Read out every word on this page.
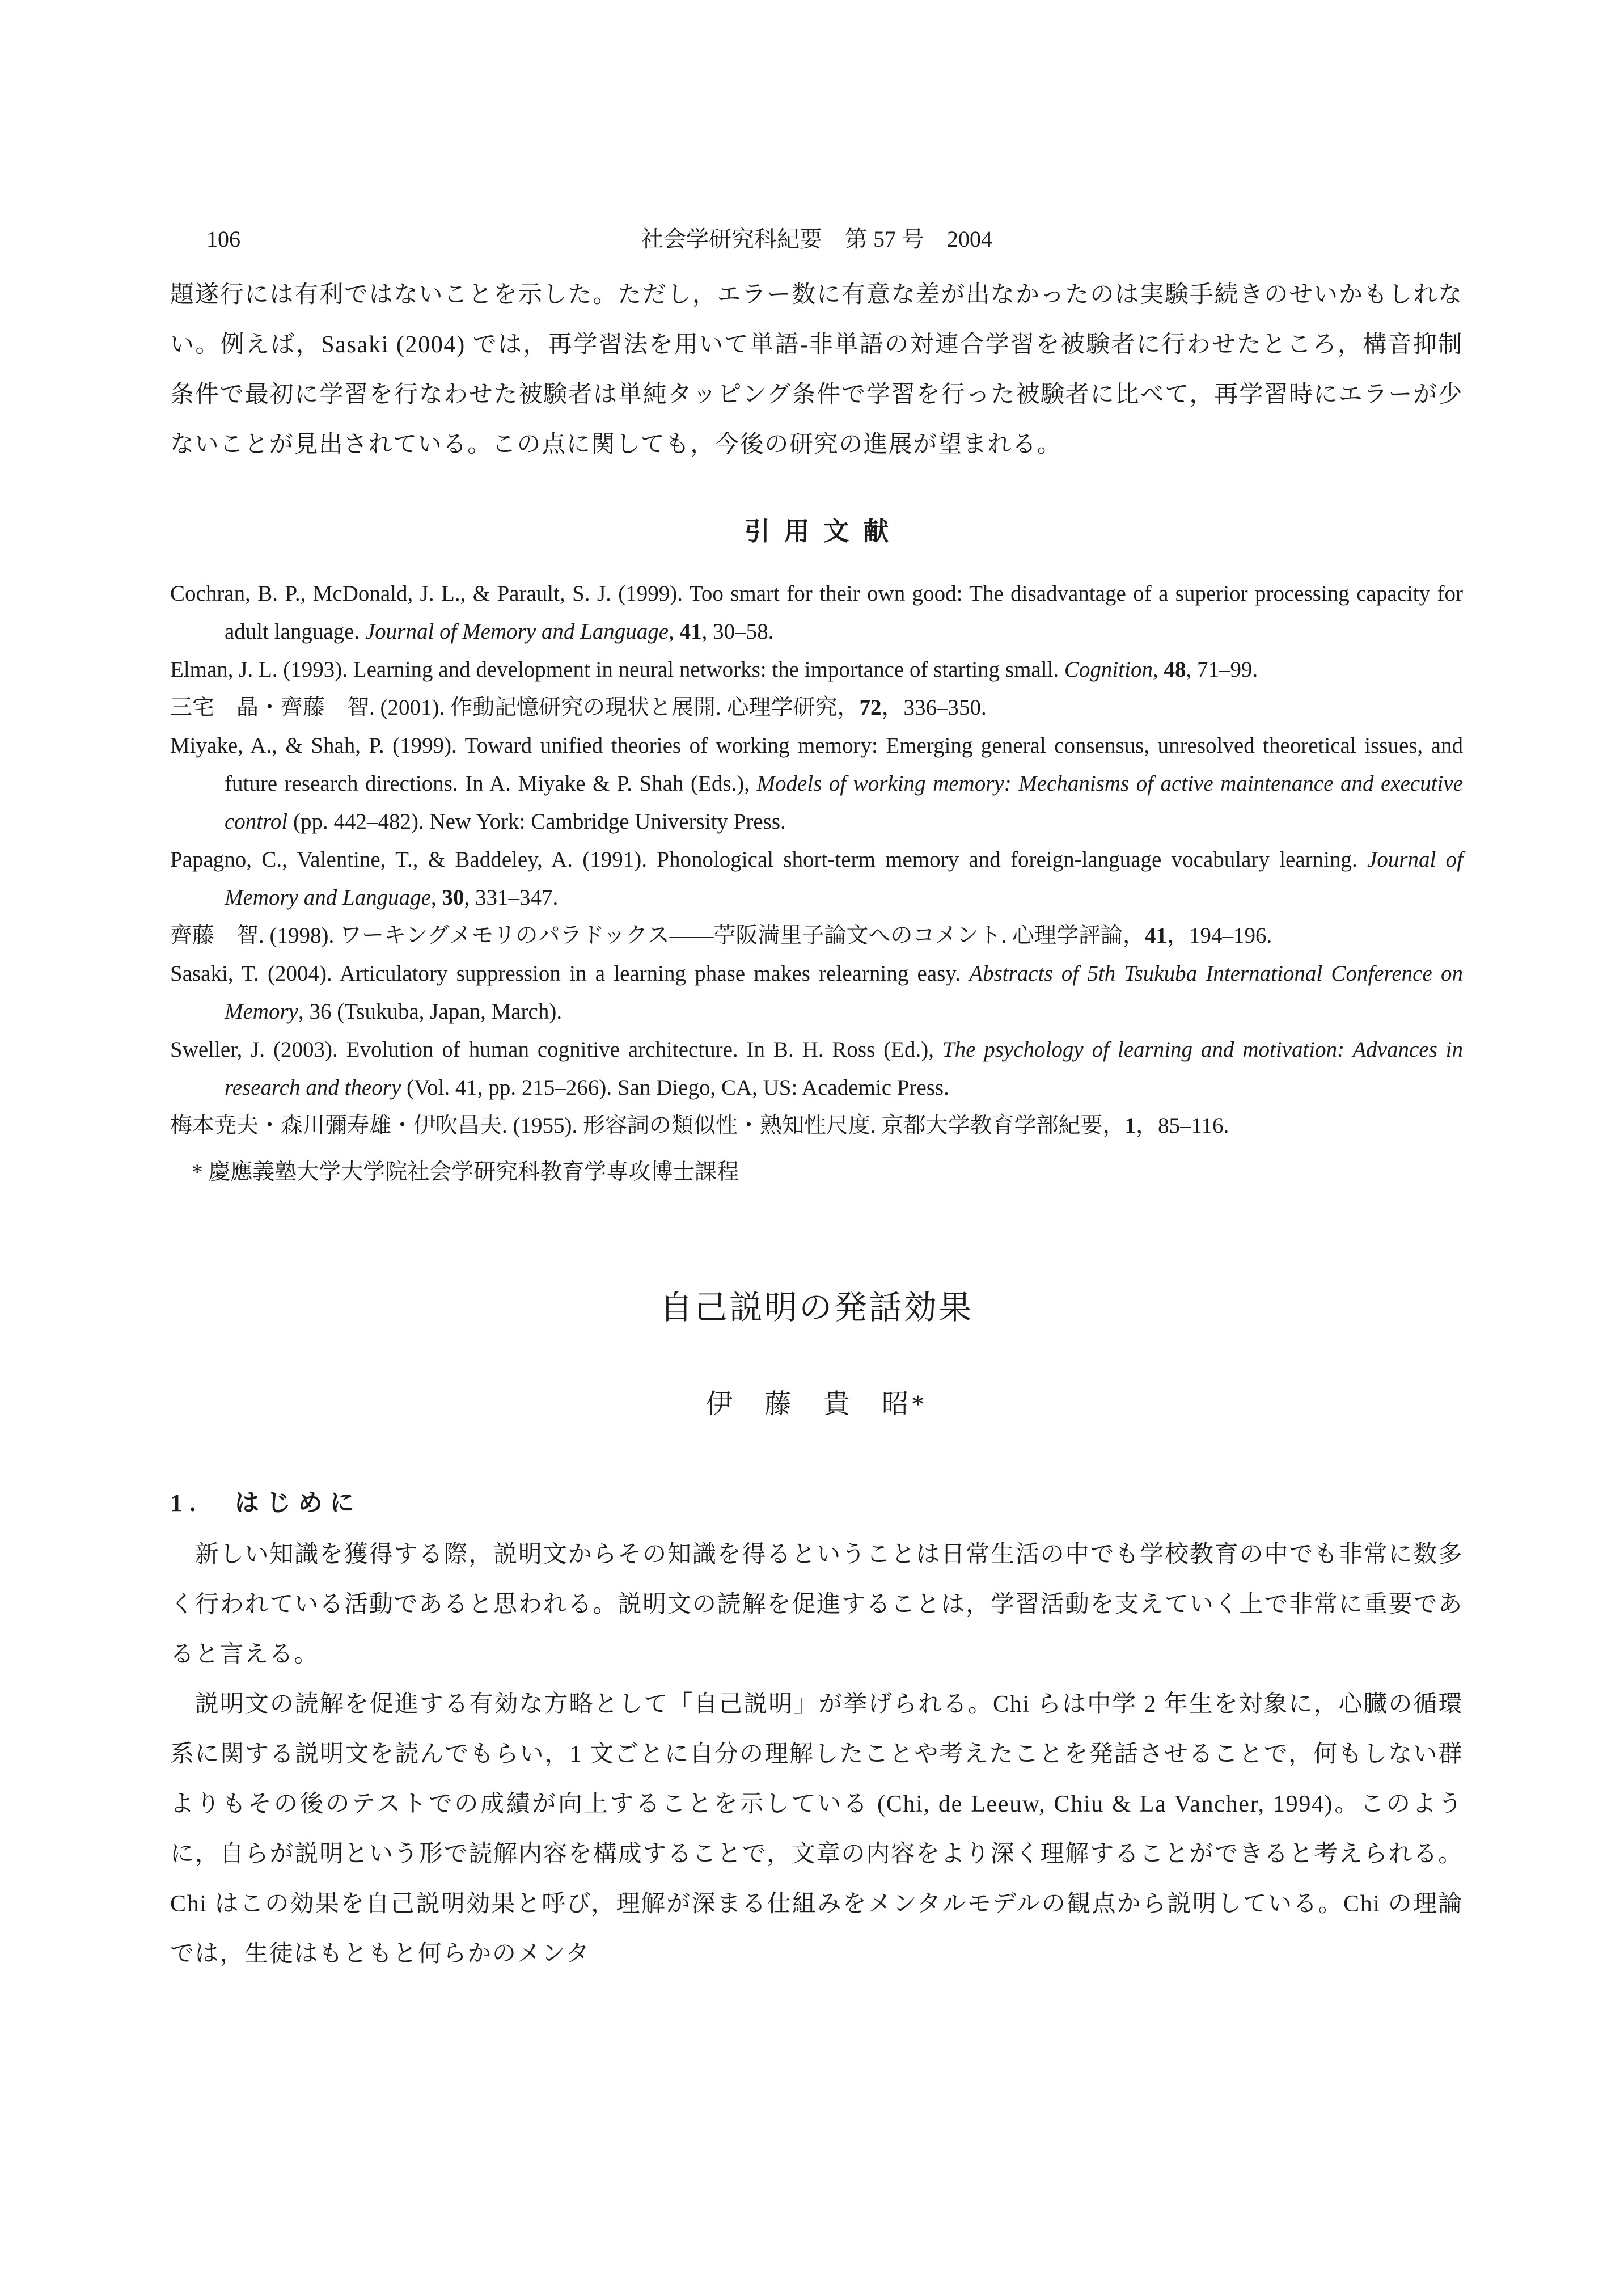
106	社会学研究科紀要　第 57 号　2004

題遂行には有利ではないことを示した。ただし，エラー数に有意な差が出なかったのは実験手続きのせいかもしれない。例えば，Sasaki (2004) では，再学習法を用いて単語-非単語の対連合学習を被験者に行わせたところ，構音抑制条件で最初に学習を行なわせた被験者は単純タッピング条件で学習を行った被験者に比べて，再学習時にエラーが少ないことが見出されている。この点に関しても，今後の研究の進展が望まれる。

引用文献

Cochran, B. P., McDonald, J. L., & Parault, S. J. (1999). Too smart for their own good: The disadvantage of a superior processing capacity for adult language. Journal of Memory and Language, 41, 30–58.

Elman, J. L. (1993). Learning and development in neural networks: the importance of starting small. Cognition, 48, 71–99.

三宅　晶・齊藤　智. (2001). 作動記憶研究の現状と展開. 心理学研究，72，336–350.

Miyake, A., & Shah, P. (1999). Toward unified theories of working memory: Emerging general consensus, unresolved theoretical issues, and future research directions. In A. Miyake & P. Shah (Eds.), Models of working memory: Mechanisms of active maintenance and executive control (pp. 442–482). New York: Cambridge University Press.

Papagno, C., Valentine, T., & Baddeley, A. (1991). Phonological short-term memory and foreign-language vocabulary learning. Journal of Memory and Language, 30, 331–347.

齊藤　智. (1998). ワーキングメモリのパラドックス——苧阪満里子論文へのコメント. 心理学評論，41，194–196.

Sasaki, T. (2004). Articulatory suppression in a learning phase makes relearning easy. Abstracts of 5th Tsukuba International Conference on Memory, 36 (Tsukuba, Japan, March).

Sweller, J. (2003). Evolution of human cognitive architecture. In B. H. Ross (Ed.), The psychology of learning and motivation: Advances in research and theory (Vol. 41, pp. 215–266). San Diego, CA, US: Academic Press.

梅本尭夫・森川彌寿雄・伊吹昌夫. (1955). 形容詞の類似性・熟知性尺度. 京都大学教育学部紀要，1，85–116.

* 慶應義塾大学大学院社会学研究科教育学専攻博士課程

自己説明の発話効果
伊　藤　貴　昭*
1.　はじめに

　新しい知識を獲得する際，説明文からその知識を得るということは日常生活の中でも学校教育の中でも非常に数多く行われている活動であると思われる。説明文の読解を促進することは，学習活動を支えていく上で非常に重要であると言える。

　説明文の読解を促進する有効な方略として「自己説明」が挙げられる。Chi らは中学 2 年生を対象に，心臓の循環系に関する説明文を読んでもらい，1 文ごとに自分の理解したことや考えたことを発話させることで，何もしない群よりもその後のテストでの成績が向上することを示している (Chi, de Leeuw, Chiu & La Vancher, 1994)。このように，自らが説明という形で読解内容を構成することで，文章の内容をより深く理解することができると考えられる。Chi はこの効果を自己説明効果と呼び，理解が深まる仕組みをメンタルモデルの観点から説明している。Chi の理論では，生徒はもともと何らかのメンタ
